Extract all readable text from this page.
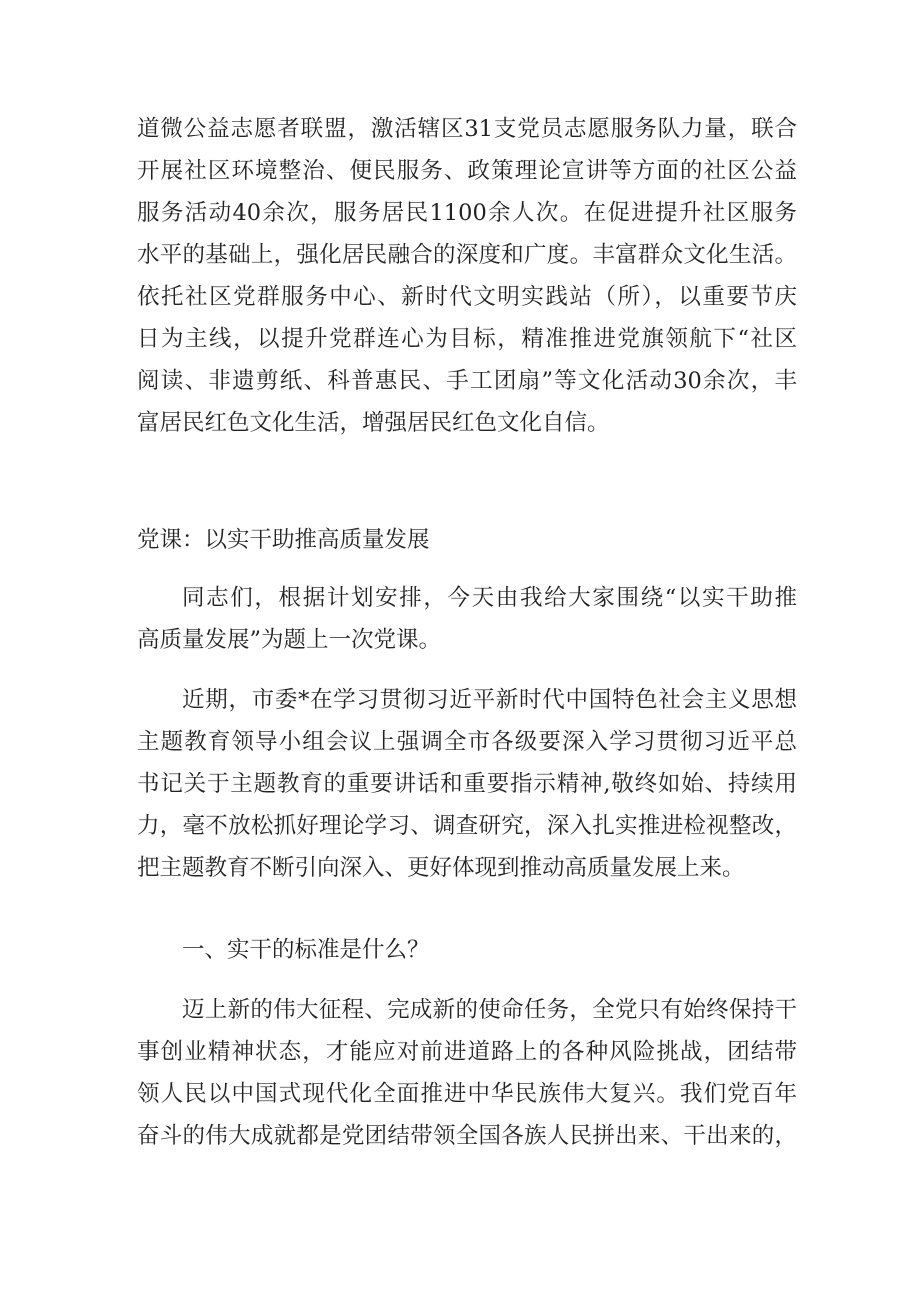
道微公益志愿者联盟，激活辖区31支党员志愿服务队力量，联合
开展社区环境整治、便民服务、政策理论宣讲等方面的社区公益
服务活动40余次，服务居民1100余人次。在促进提升社区服务
水平的基础上，强化居民融合的深度和广度。丰富群众文化生活。
依托社区党群服务中心、新时代文明实践站（所），以重要节庆
日为主线，以提升党群连心为目标，精准推进党旗领航下“社区
阅读、非遗剪纸、科普惠民、手工团扇”等文化活动30余次，丰
富居民红色文化生活，增强居民红色文化自信。
党课：以实干助推高质量发展
同志们，根据计划安排，今天由我给大家围绕“以实干助推
高质量发展”为题上一次党课。
近期，市委*在学习贯彻习近平新时代中国特色社会主义思想
主题教育领导小组会议上强调全市各级要深入学习贯彻习近平总
书记关于主题教育的重要讲话和重要指示精神,敬终如始、持续用
力，毫不放松抓好理论学习、调查研究，深入扎实推进检视整改，
把主题教育不断引向深入、更好体现到推动高质量发展上来。
一、实干的标准是什么？
迈上新的伟大征程、完成新的使命任务，全党只有始终保持干
事创业精神状态，才能应对前进道路上的各种风险挑战，团结带
领人民以中国式现代化全面推进中华民族伟大复兴。我们党百年
奋斗的伟大成就都是党团结带领全国各族人民拼出来、干出来的，
